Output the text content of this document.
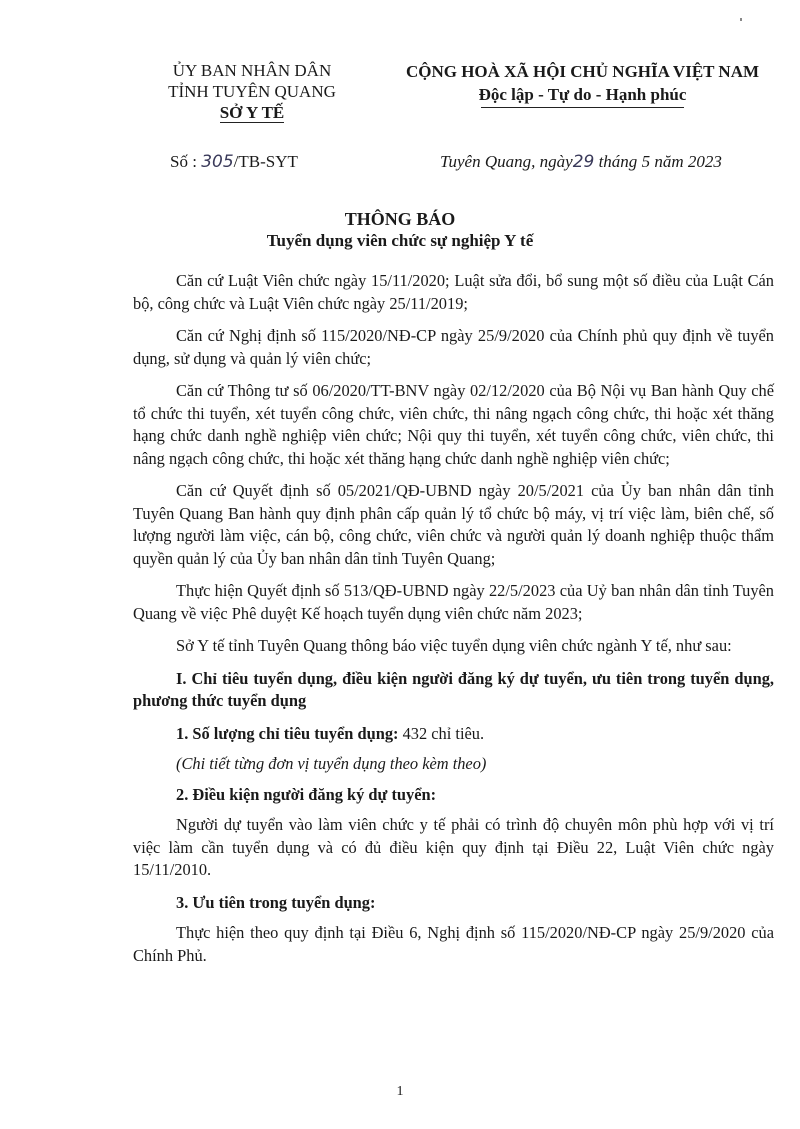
ỦY BAN NHÂN DÂN
TỈNH TUYÊN QUANG
SỞ Y TẾ
CỘNG HOÀ XÃ HỘI CHỦ NGHĨA VIỆT NAM
Độc lập - Tự do - Hạnh phúc
Số : 305/TB-SYT	Tuyên Quang, ngày29 tháng 5 năm 2023
THÔNG BÁO
Tuyển dụng viên chức sự nghiệp Y tế

Căn cứ Luật Viên chức ngày 15/11/2020; Luật sửa đổi, bổ sung một số điều của Luật Cán bộ, công chức và Luật Viên chức ngày 25/11/2019;

Căn cứ Nghị định số 115/2020/NĐ-CP ngày 25/9/2020 của Chính phủ quy định về tuyển dụng, sử dụng và quản lý viên chức;

Căn cứ Thông tư số 06/2020/TT-BNV ngày 02/12/2020 của Bộ Nội vụ Ban hành Quy chế tổ chức thi tuyển, xét tuyển công chức, viên chức, thi nâng ngạch công chức, thi hoặc xét thăng hạng chức danh nghề nghiệp viên chức; Nội quy thi tuyển, xét tuyển công chức, viên chức, thi nâng ngạch công chức, thi hoặc xét thăng hạng chức danh nghề nghiệp viên chức;

Căn cứ Quyết định số 05/2021/QĐ-UBND ngày 20/5/2021 của Ủy ban nhân dân tỉnh Tuyên Quang Ban hành quy định phân cấp quản lý tổ chức bộ máy, vị trí việc làm, biên chế, số lượng người làm việc, cán bộ, công chức, viên chức và người quản lý doanh nghiệp thuộc thẩm quyền quản lý của Ủy ban nhân dân tỉnh Tuyên Quang;

Thực hiện Quyết định số 513/QĐ-UBND ngày 22/5/2023 của Uỷ ban nhân dân tỉnh Tuyên Quang về việc Phê duyệt Kế hoạch tuyển dụng viên chức năm 2023;

Sở Y tế tỉnh Tuyên Quang thông báo việc tuyển dụng viên chức ngành Y tế, như sau:

I. Chỉ tiêu tuyển dụng, điều kiện người đăng ký dự tuyển, ưu tiên trong tuyển dụng, phương thức tuyển dụng

1. Số lượng chỉ tiêu tuyển dụng: 432 chỉ tiêu.

(Chi tiết từng đơn vị tuyển dụng theo kèm theo)

2. Điều kiện người đăng ký dự tuyển:

Người dự tuyển vào làm viên chức y tế phải có trình độ chuyên môn phù hợp với vị trí việc làm cần tuyển dụng và có đủ điều kiện quy định tại Điều 22, Luật Viên chức ngày 15/11/2010.

3. Ưu tiên trong tuyển dụng:

Thực hiện theo quy định tại Điều 6, Nghị định số 115/2020/NĐ-CP ngày 25/9/2020 của Chính Phủ.

1
